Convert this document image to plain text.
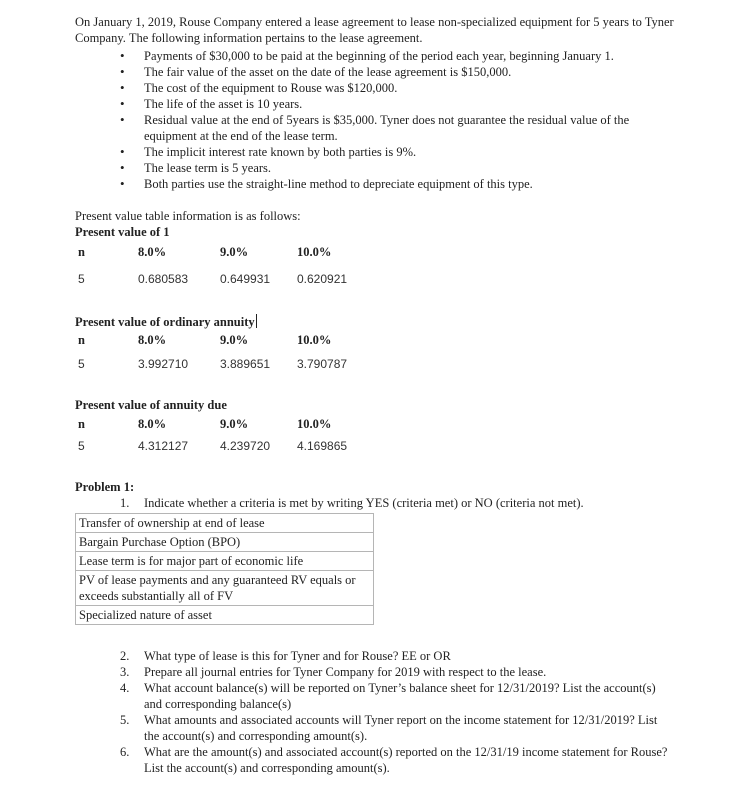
On January 1, 2019, Rouse Company entered a lease agreement to lease non-specialized equipment for 5 years to Tyner Company. The following information pertains to the lease agreement.
• Payments of $30,000 to be paid at the beginning of the period each year, beginning January 1.
• The fair value of the asset on the date of the lease agreement is $150,000.
• The cost of the equipment to Rouse was $120,000.
• The life of the asset is 10 years.
• Residual value at the end of 5years is $35,000. Tyner does not guarantee the residual value of the equipment at the end of the lease term.
• The implicit interest rate known by both parties is 9%.
• The lease term is 5 years.
• Both parties use the straight-line method to depreciate equipment of this type.
Present value table information is as follows:
Present value of 1
n	8.0%	9.0%	10.0%
5	0.680583	0.649931 0.620921
Present value of ordinary annuity
n	8.0%	9.0%	10.0%
5	3.992710	3.889651 3.790787
Present value of annuity due
n	8.0%	9.0%	10.0%
5	4.312127	4.239720 4.169865
Problem 1:
1. Indicate whether a criteria is met by writing YES (criteria met) or NO (criteria not met).
Transfer of ownership at end of lease
Bargain Purchase Option (BPO)
Lease term is for major part of economic life
PV of lease payments and any guaranteed RV equals or exceeds substantially all of FV
Specialized nature of asset
2. What type of lease is this for Tyner and for Rouse? EE or OR
3. Prepare all journal entries for Tyner Company for 2019 with respect to the lease.
4. What account balance(s) will be reported on Tyner’s balance sheet for 12/31/2019? List the account(s) and corresponding balance(s)
5. What amounts and associated accounts will Tyner report on the income statement for 12/31/2019? List the account(s) and corresponding amount(s).
6. What are the amount(s) and associated account(s) reported on the 12/31/19 income statement for Rouse? List the account(s) and corresponding amount(s).
